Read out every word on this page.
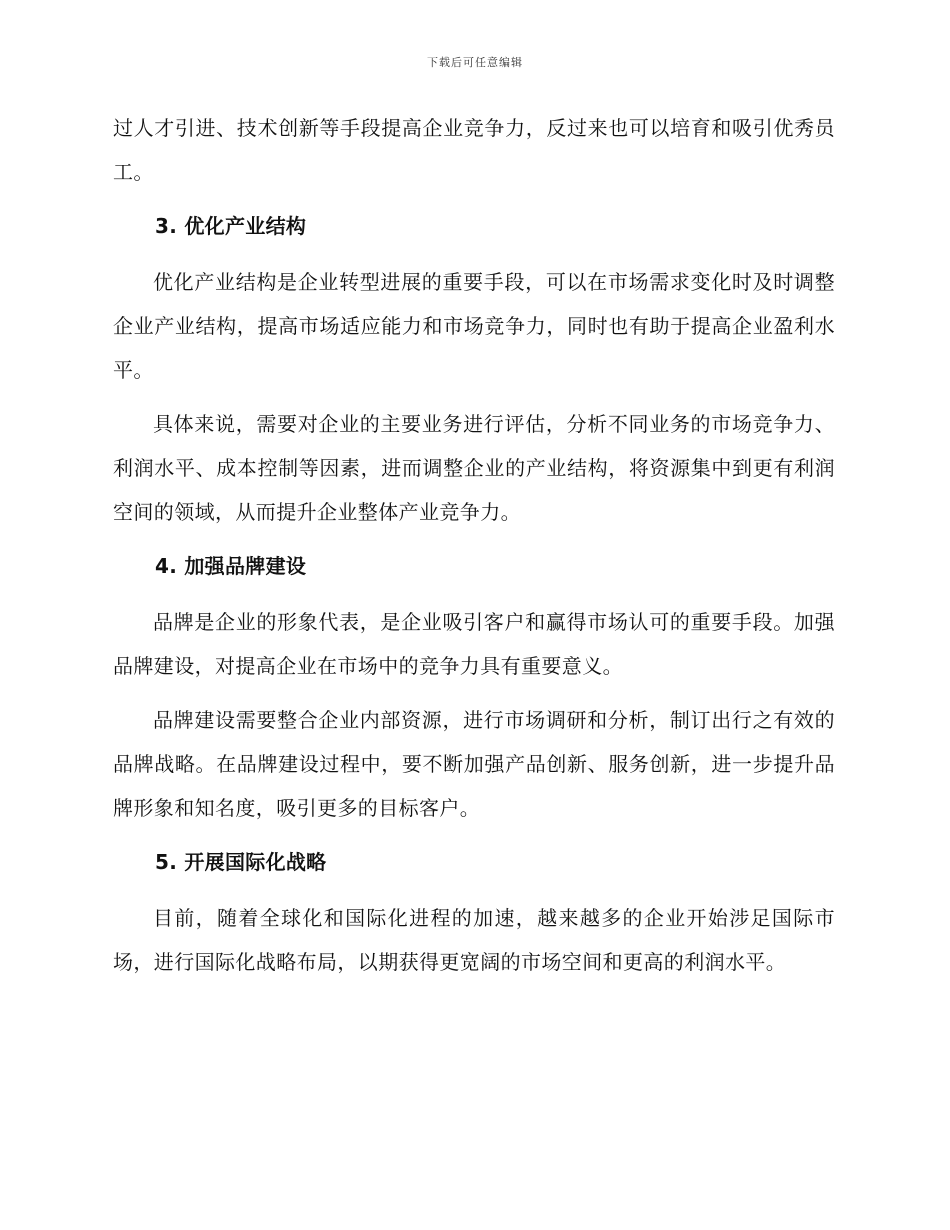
下载后可任意编辑

过人才引进、技术创新等手段提高企业竞争力，反过来也可以培育和吸引优秀员工。

3. 优化产业结构

优化产业结构是企业转型进展的重要手段，可以在市场需求变化时及时调整企业产业结构，提高市场适应能力和市场竞争力，同时也有助于提高企业盈利水平。

具体来说，需要对企业的主要业务进行评估，分析不同业务的市场竞争力、利润水平、成本控制等因素，进而调整企业的产业结构，将资源集中到更有利润空间的领域，从而提升企业整体产业竞争力。

4. 加强品牌建设

品牌是企业的形象代表，是企业吸引客户和赢得市场认可的重要手段。加强品牌建设，对提高企业在市场中的竞争力具有重要意义。

品牌建设需要整合企业内部资源，进行市场调研和分析，制订出行之有效的品牌战略。在品牌建设过程中，要不断加强产品创新、服务创新，进一步提升品牌形象和知名度，吸引更多的目标客户。

5. 开展国际化战略

目前，随着全球化和国际化进程的加速，越来越多的企业开始涉足国际市场，进行国际化战略布局，以期获得更宽阔的市场空间和更高的利润水平。
